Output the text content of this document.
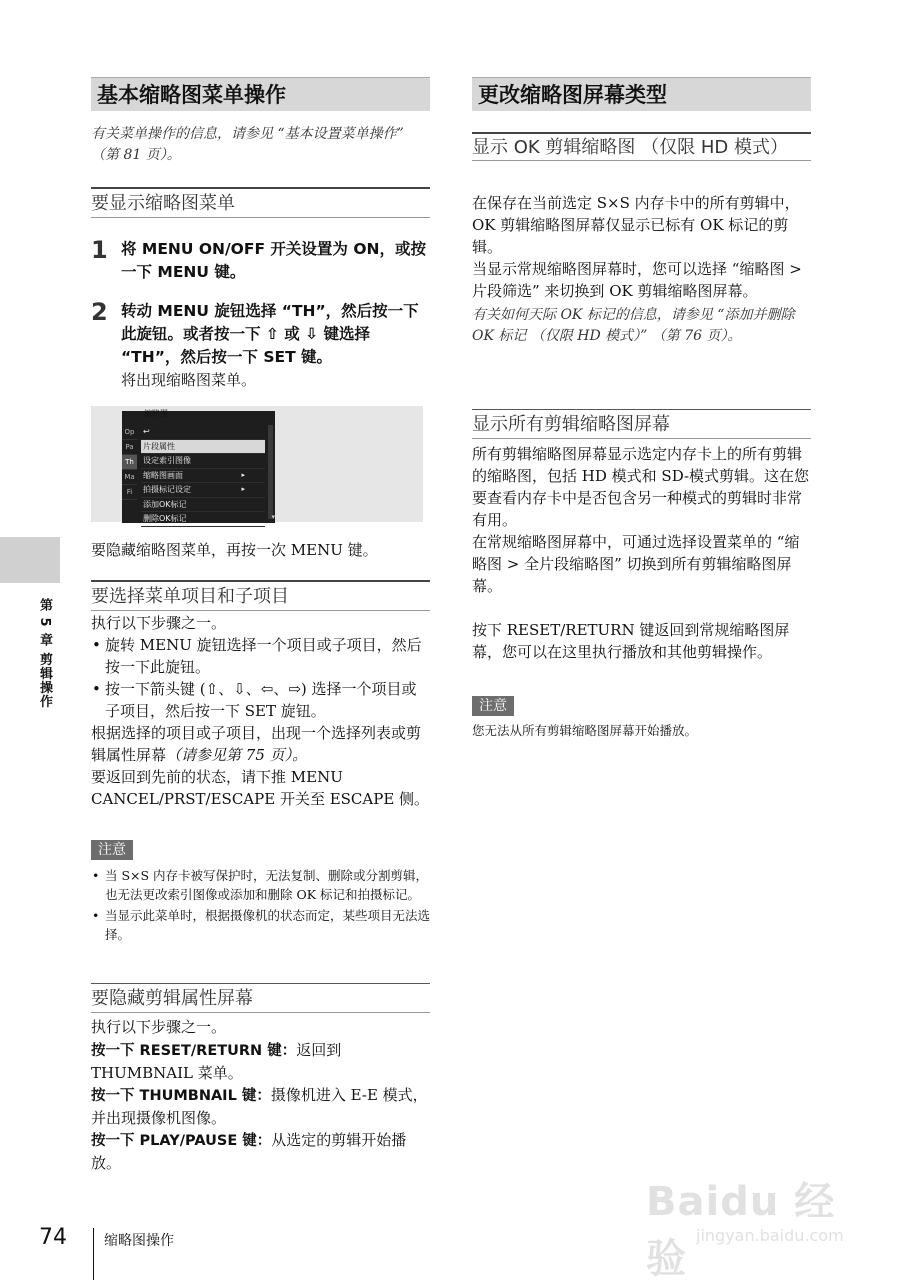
基本缩略图菜单操作
有关菜单操作的信息，请参见 “基本设置菜单操作” （第 81 页）。
要显示缩略图菜单
1 将 MENU ON/OFF 开关设置为 ON，或按一下 MENU 键。
2 转动 MENU 旋钮选择 “TH”，然后按一下此旋钮。或者按一下 ⇧ 或 ⇩ 键选择 “TH”，然后按一下 SET 键。
将出现缩略图菜单。
要隐藏缩略图菜单，再按一次 MENU 键。
要选择菜单项目和子项目
执行以下步骤之一。
• 旋转 MENU 旋钮选择一个项目或子项目，然后按一下此旋钮。
• 按一下箭头键 (⇧、⇩、⇦、⇨) 选择一个项目或子项目，然后按一下 SET 旋钮。
根据选择的项目或子项目，出现一个选择列表或剪辑属性屏幕（请参见第 75 页）。
要返回到先前的状态，请下推 MENU CANCEL/PRST/ESCAPE 开关至 ESCAPE 侧。
注意
• 当 S×S 内存卡被写保护时，无法复制、删除或分割剪辑，也无法更改索引图像或添加和删除 OK 标记和拍摄标记。
• 当显示此菜单时，根据摄像机的状态而定，某些项目无法选择。
要隐藏剪辑属性屏幕
执行以下步骤之一。
按一下 RESET/RETURN 键：返回到 THUMBNAIL 菜单。
按一下 THUMBNAIL 键：摄像机进入 E-E 模式，并出现摄像机图像。
按一下 PLAY/PAUSE 键：从选定的剪辑开始播放。
缩略图
Op
Pa
Th
Ma
Fi
↩
片段属性
设定索引图像
缩略图画面	▸
拍摄标记设定	▸
添加OK标记
删除OK标记	▾
更改缩略图屏幕类型
显示 OK 剪辑缩略图 （仅限 HD 模式）
在保存在当前选定 S×S 内存卡中的所有剪辑中，OK 剪辑缩略图屏幕仅显示已标有 OK 标记的剪辑。
当显示常规缩略图屏幕时，您可以选择 “缩略图 > 片段筛选” 来切换到 OK 剪辑缩略图屏幕。
有关如何天际 OK 标记的信息，请参见 “添加并删除 OK 标记 （仅限 HD 模式）” （第 76 页）。
显示所有剪辑缩略图屏幕
所有剪辑缩略图屏幕显示选定内存卡上的所有剪辑的缩略图，包括 HD 模式和 SD-模式剪辑。这在您要查看内存卡中是否包含另一种模式的剪辑时非常有用。
在常规缩略图屏幕中，可通过选择设置菜单的 “缩略图 > 全片段缩略图” 切换到所有剪辑缩略图屏幕。
按下 RESET/RETURN 键返回到常规缩略图屏幕，您可以在这里执行播放和其他剪辑操作。
注意
您无法从所有剪辑缩略图屏幕开始播放。
第 5 章 剪辑操作
74	缩略图操作
Baidu 经验
jingyan.baidu.com
